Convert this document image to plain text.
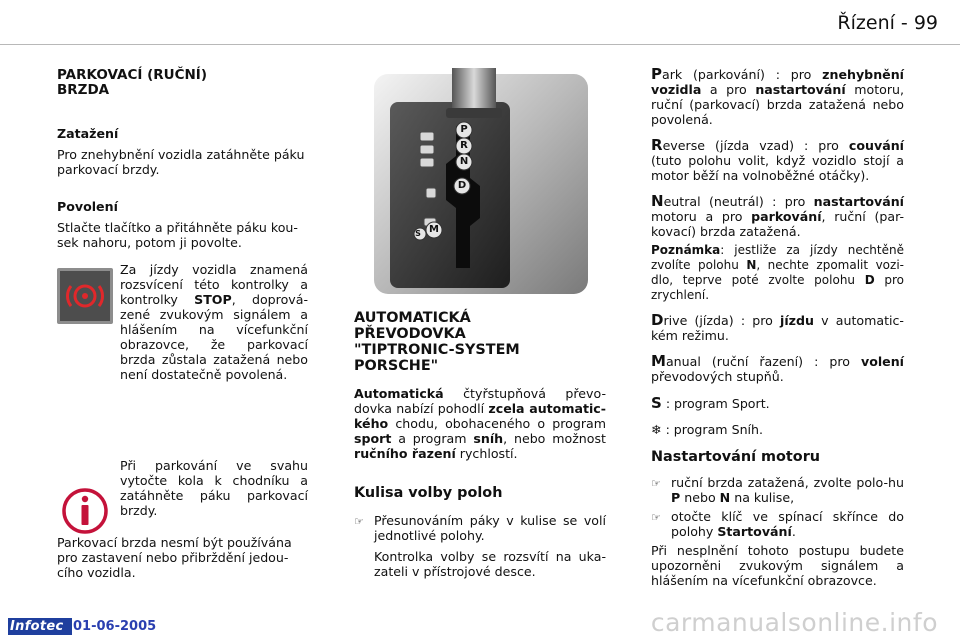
Řízení - 99

PARKOVACÍ (RUČNÍ)
BRZDA

Zatažení

Pro znehybnění vozidla zatáhněte páku parkovací brzdy.

Povolení

Stlačte tlačítko a přitáhněte páku kou-sek nahoru, potom ji povolte.

Za jízdy vozidla znamená rozsvícení této kontrolky a kontrolky STOP, doprová-zené zvukovým signálem a hlášením na vícefunkční obrazovce, že parkovací brzda zůstala zatažená nebo není dostatečně povolená.
Při parkování ve svahu vytočte kola k chodníku a zatáhněte páku parkovací brzdy.
Parkovací brzda nesmí být používána pro zastavení nebo přibrždění jedou-cího vozidla.
P
R
N
D
M
S

AUTOMATICKÁ
PŘEVODOVKA
"TIPTRONIC-SYSTEM
PORSCHE"

Automatická čtyřstupňová převo-dovka nabízí pohodlí zcela automatic-kého chodu, obohaceného o program sport a program sníh, nebo možnost ručního řazení rychlostí.

Kulisa volby poloh

☞ Přesunováním páky v kulise se volí jednotlivé polohy.

Kontrolka volby se rozsvítí na uka-zateli v přístrojové desce.

Park (parkování) : pro znehybnění vozidla a pro nastartování motoru, ruční (parkovací) brzda zatažená nebo povolená.

Reverse (jízda vzad) : pro couvání (tuto polohu volit, když vozidlo stojí a motor běží na volnoběžné otáčky).

Neutral (neutrál) : pro nastartování motoru a pro parkování, ruční (par-kovací) brzda zatažená.

Poznámka: jestliže za jízdy nechtěně zvolíte polohu N, nechte zpomalit vozi-dlo, teprve poté zvolte polohu D pro zrychlení.

Drive (jízda) : pro jízdu v automatic-kém režimu.

Manual (ruční řazení) : pro volení převodových stupňů.

S : program Sport.

❄ : program Sníh.

Nastartování motoru

☞ ruční brzda zatažená, zvolte polo-hu P nebo N na kulise,
☞ otočte klíč ve spínací skřínce do polohy Startování.

Při nesplnění tohoto postupu budete upozorněni zvukovým signálem a hlášením na vícefunkční obrazovce.

Infotec 01-06-2005	carmanualsonline.info
